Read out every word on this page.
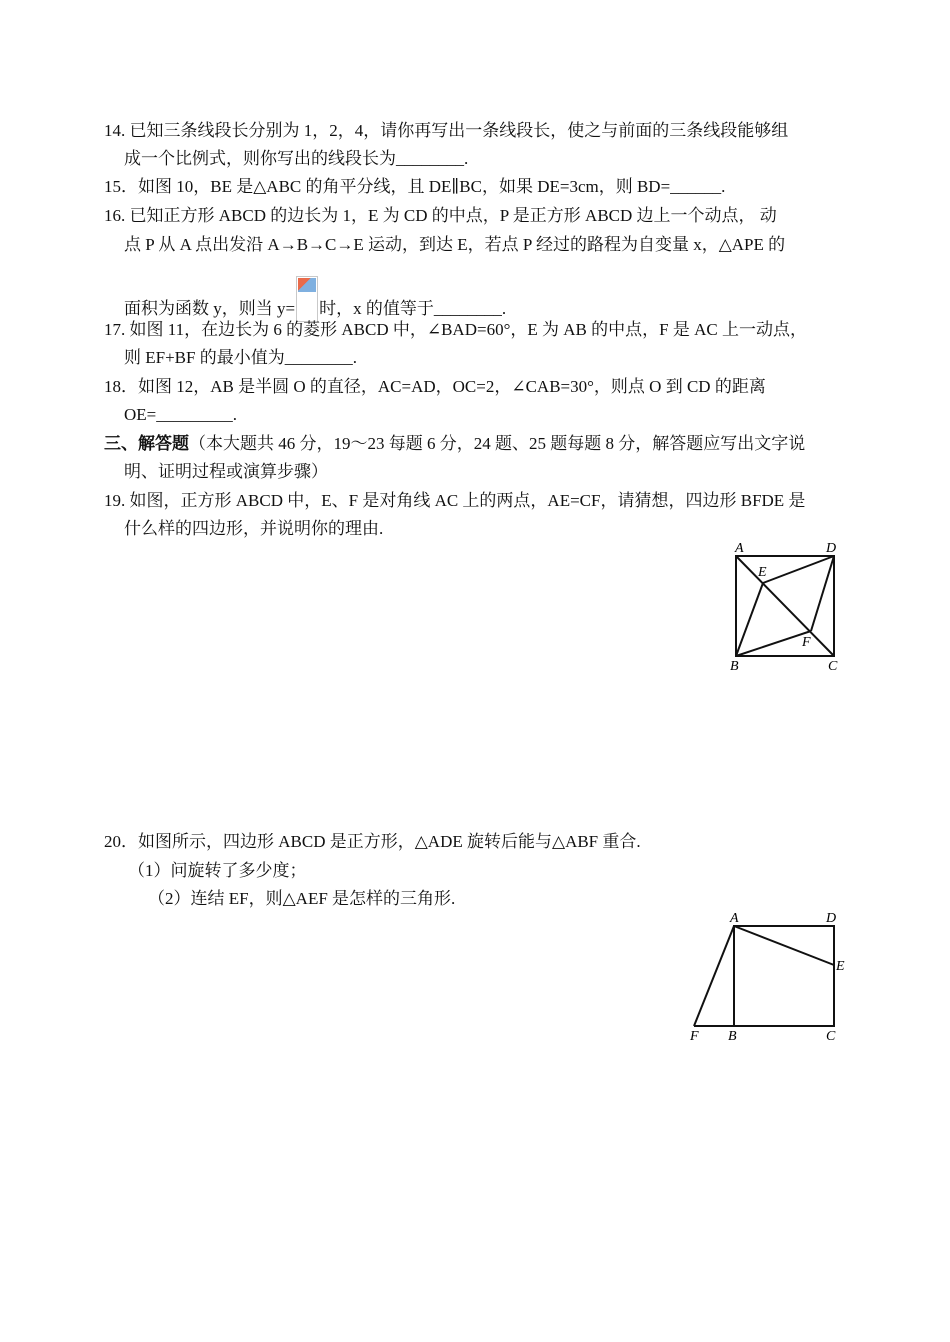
14. 已知三条线段长分别为 1，2，4，请你再写出一条线段长，使之与前面的三条线段能够组
成一个比例式，则你写出的线段长为________.
15．如图 10，BE 是△ABC 的角平分线，且 DE∥BC，如果 DE=3cm，则 BD=______.
16. 已知正方形 ABCD 的边长为 1，E 为 CD 的中点，P 是正方形 ABCD 边上一个动点， 动
点 P 从 A 点出发沿 A→B→C→E 运动，到达 E，若点 P 经过的路程为自变量 x，△APE 的
面积为函数 y，则当 y= 时，x 的值等于________.
17. 如图 11，在边长为 6 的菱形 ABCD 中，∠BAD=60°，E 为 AB 的中点，F 是 AC 上一动点，
则 EF+BF 的最小值为________.
18．如图 12，AB 是半圆 O 的直径，AC=AD，OC=2，∠CAB=30°，则点 O 到 CD 的距离
OE=_________.
三、解答题（本大题共 46 分，19～23 每题 6 分，24 题、25 题每题 8 分，解答题应写出文字说
明、证明过程或演算步骤）
19. 如图，正方形 ABCD 中，E、F 是对角线 AC 上的两点，AE=CF，请猜想，四边形 BFDE 是
什么样的四边形，并说明你的理由.
A	D
E
F
B	C
20．如图所示，四边形 ABCD 是正方形，△ADE 旋转后能与△ABF 重合.
（1）问旋转了多少度；
（2）连结 EF，则△AEF 是怎样的三角形.
A	D
E
F B	C
